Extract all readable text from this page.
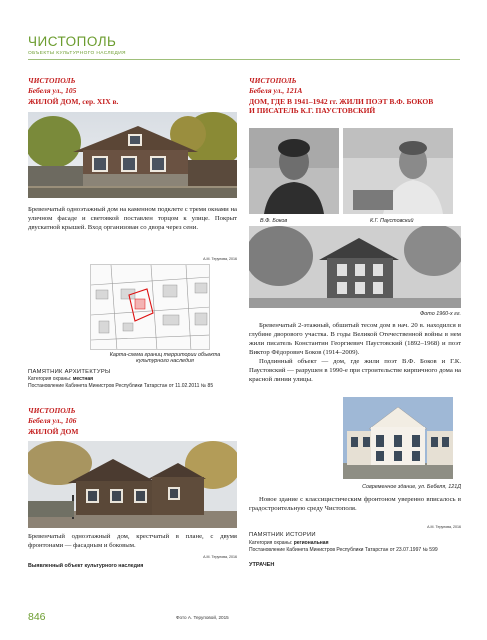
ЧИСТОПОЛЬ
ОБЪЕКТЫ КУЛЬТУРНОГО НАСЛЕДИЯ
ЧИСТОПОЛЬ
Бебеля ул., 105
ЖИЛОЙ ДОМ, сер. XIX в.
Бревенчатый одноэтажный дом на каменном подклете с тремя окнами на уличном фасаде и световкой поставлен торцом к улице. Покрыт двускатной крышей. Вход организован со двора через сени.
А.М. Терупова, 2016
Карта-схема границ территории объекта культурного наследия
ПАМЯТНИК АРХИТЕКТУРЫ
Категория охраны: местная
Постановление Кабинета Министров Республики Татарстан от 11.02.2011 № 85
ЧИСТОПОЛЬ
Бебеля ул., 106
ЖИЛОЙ ДОМ
Бревенчатый одноэтажный дом, крестчатый в плане, с двумя фронтонами — фасадным и боковым.
А.М. Терупова, 2016
Выявленный объект культурного наследия
ЧИСТОПОЛЬ
Бебеля ул., 121А
ДОМ, ГДЕ В 1941–1942 гг. ЖИЛИ ПОЭТ В.Ф. БОКОВ И ПИСАТЕЛЬ К.Г. ПАУСТОВСКИЙ
В.Ф. Боков	К.Г. Паустовский
Фото 1960-х гг.
Бревенчатый 2-этажный, обшитый тесом дом в нач. 20 в. находился в глубине дворового участка. В годы Великой Отечественной войны в нем жили писатель Константин Георгиевич Паустовский (1892–1968) и поэт Виктор Фёдорович Боков (1914–2009).
Подлинный объект — дом, где жили поэт В.Ф. Боков и Г.К. Паустовский — разрушен в 1990-е при строительстве кирпичного дома на красной линии улицы.
Современное здание, ул. Бебеля, 121Д
Новое здание с классицистическим фронтоном уверенно вписалось в градостроительную среду Чистополя.
А.М. Терупова, 2016
ПАМЯТНИК ИСТОРИИ
Категория охраны: региональная
Постановление Кабинета Министров Республики Татарстан от 23.07.1997 № 599
УТРАЧЕН
846	Фото А. Теруповой, 2015
